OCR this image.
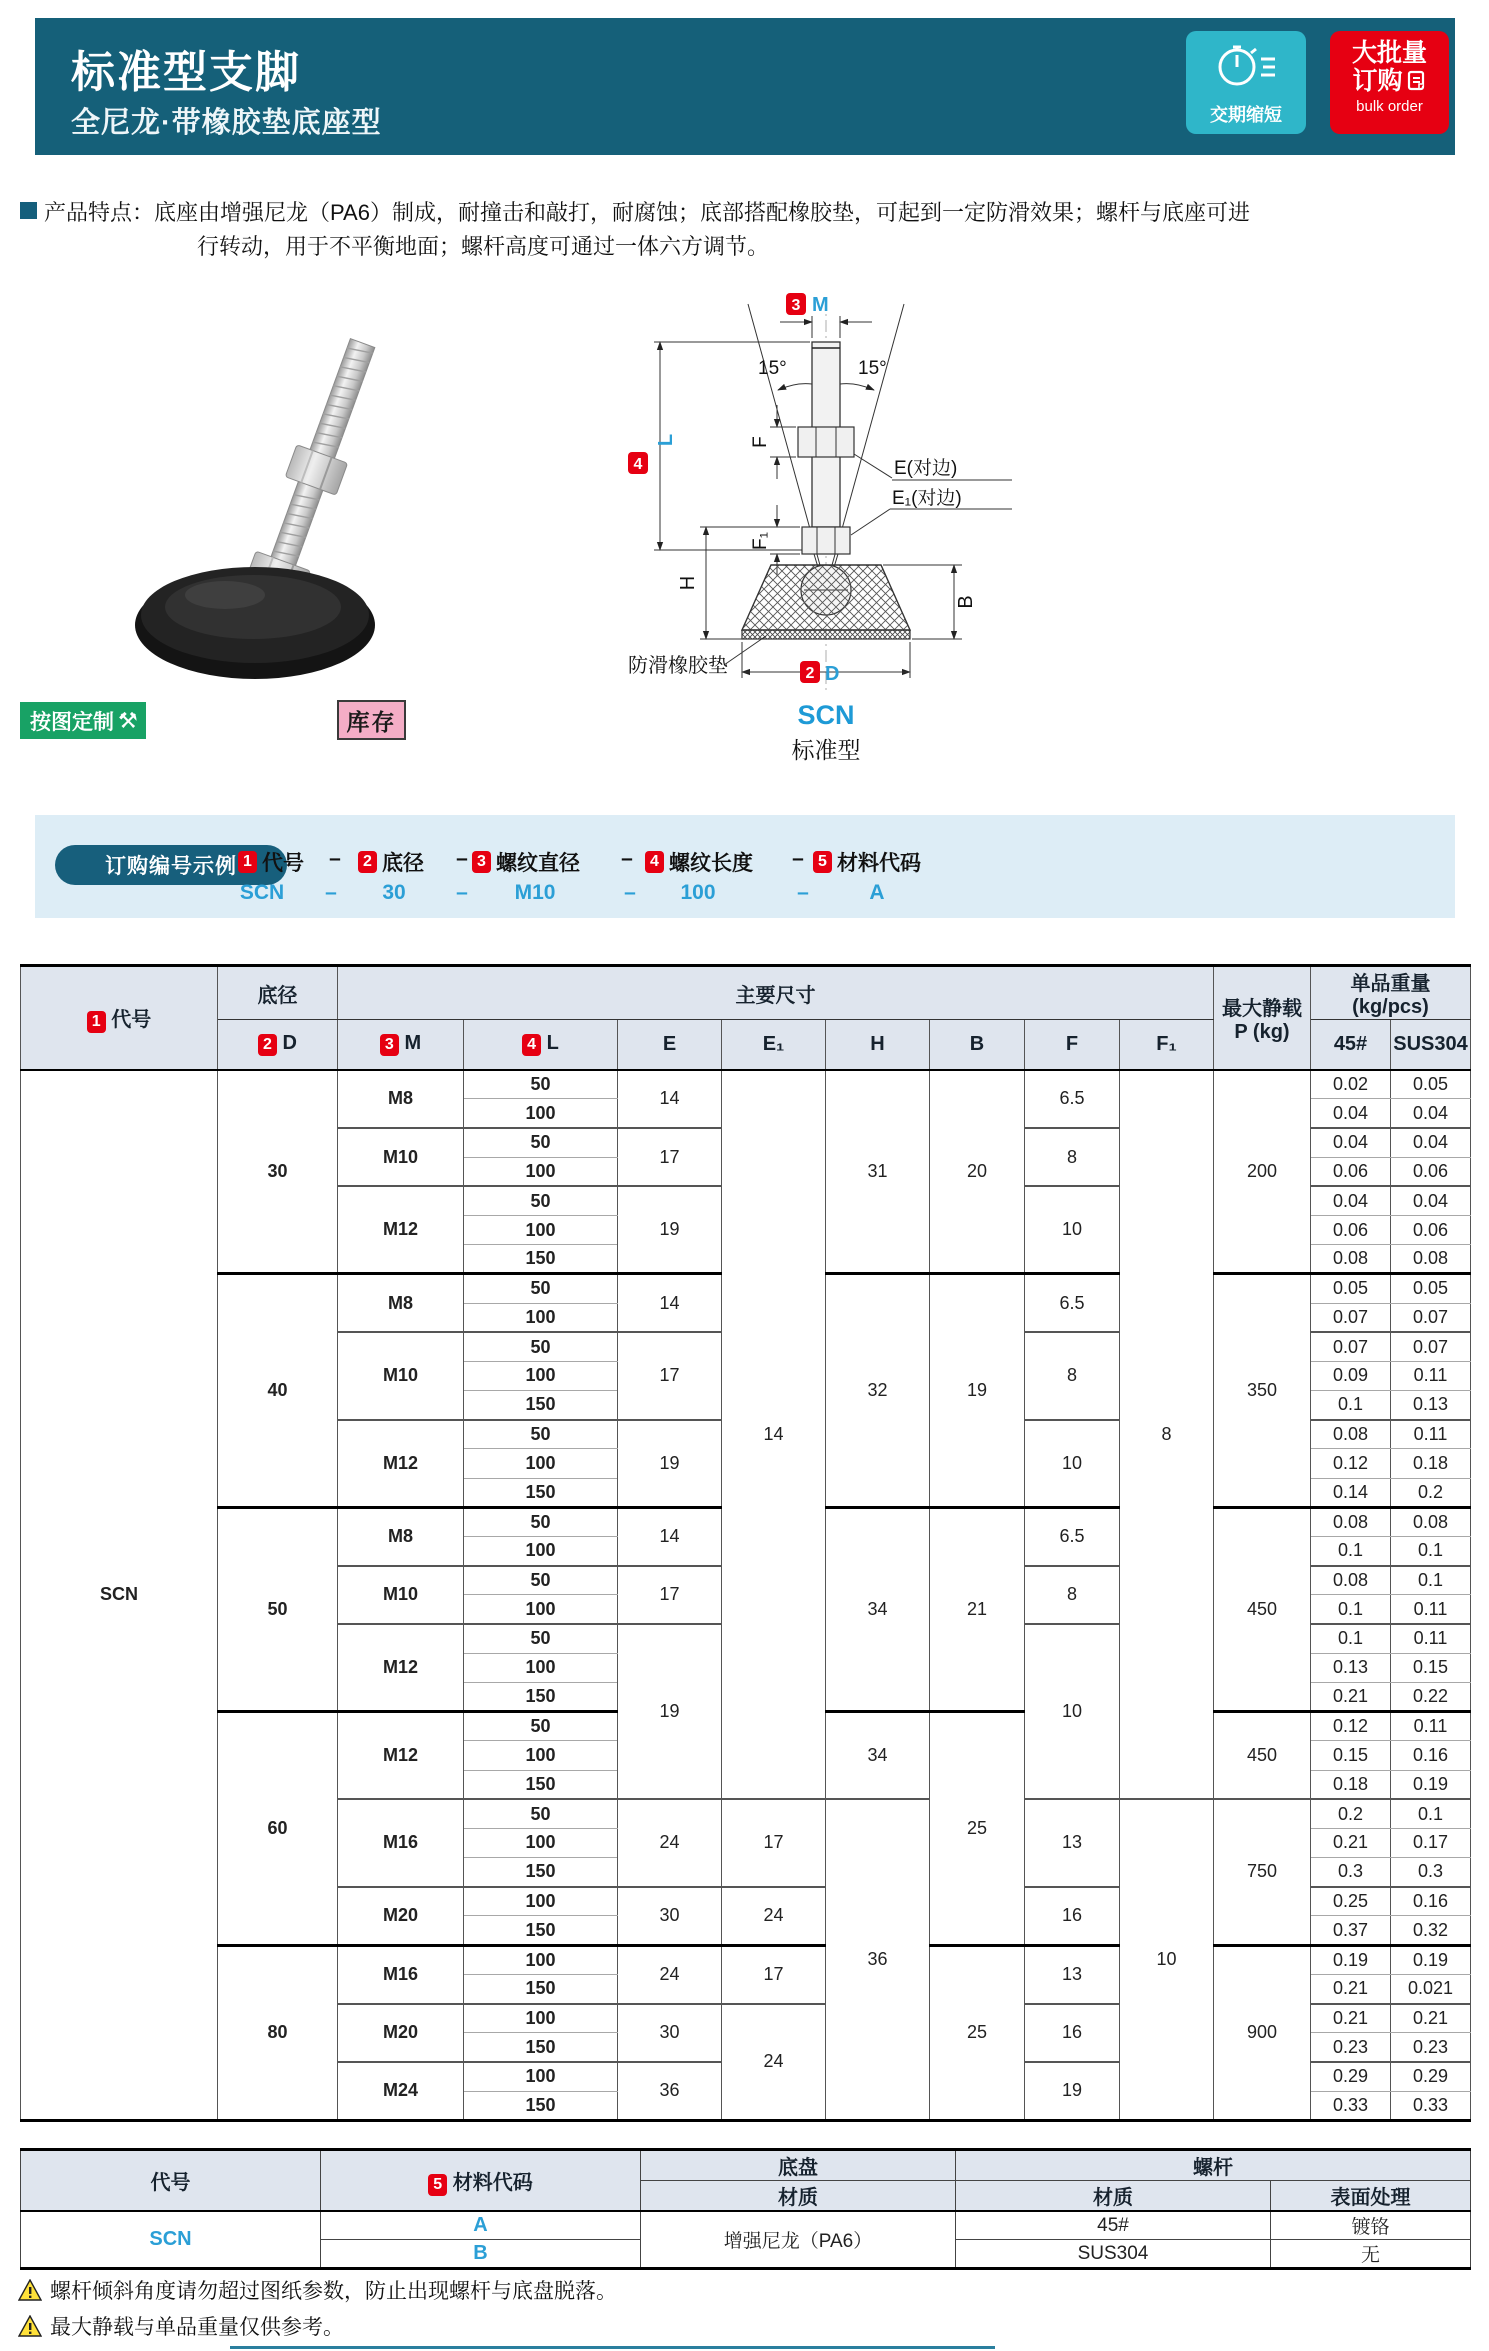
标准型支脚
全尼龙·带橡胶垫底座型	交期缩短
大批量
订购
bulk order
产品特点：底座由增强尼龙（PA6）制成，耐撞击和敲打，耐腐蚀；底部搭配橡胶垫，可起到一定防滑效果；螺杆与底座可进
行转动，用于不平衡地面；螺杆高度可通过一体六方调节。
按图定制 ⚒	库存
15°	15°
3 M
4
L	F
E(对边)
E₁(对边)
F₁
H
B
2 D
防滑橡胶垫
SCN
标准型
订购编号示例 1 代号 –	2 底径 – 3 螺纹直径 –	4 螺纹长度 – 5 材料代码
SCN – 30 – M10	– 100	–	A
1 代号	底径	主要尺寸								最大静载
P (kg)	单品重量
(kg/pcs)	
	2 D	3 M	4 L	E	E₁	H	B	F	F₁		45#	SUS304
SCN	30	M8	50	14	14	31	20	6.5	8	200	0.02	0.05
			100								0.04	0.04
		M10	50	17				8			0.04	0.04
			100								0.06	0.06
		M12	50	19				10			0.04	0.04
			100								0.06	0.06
			150								0.08	0.08
	40	M8	50	14		32	19	6.5		350	0.05	0.05
			100								0.07	0.07
		M10	50	17				8			0.07	0.07
			100								0.09	0.11
			150								0.1	0.13
		M12	50	19				10			0.08	0.11
			100								0.12	0.18
			150								0.14	0.2
	50	M8	50	14		34	21	6.5		450	0.08	0.08
			100								0.1	0.1
		M10	50	17				8			0.08	0.1
			100								0.1	0.11
		M12	50	19				10			0.1	0.11
			100								0.13	0.15
			150								0.21	0.22
	60	M12	50			34	25			450	0.12	0.11
			100								0.15	0.16
			150								0.18	0.19
		M16	50	24	17	36		13	10	750	0.2	0.1
			100								0.21	0.17
			150								0.3	0.3
		M20	100	30	24			16			0.25	0.16
			150								0.37	0.32
	80	M16	100	24	17		25	13		900	0.19	0.19
			150								0.21	0.021
		M20	100	30	24			16			0.21	0.21
			150								0.23	0.23
		M24	100	36				19			0.29	0.29
			150								0.33	0.33
代号	5 材料代码	底盘	螺杆	
		材质	材质	表面处理
SCN	A	增强尼龙（PA6）	45#	镀铬
	B		SUS304	无
螺杆倾斜角度请勿超过图纸参数，防止出现螺杆与底盘脱落。
最大静载与单品重量仅供参考。
